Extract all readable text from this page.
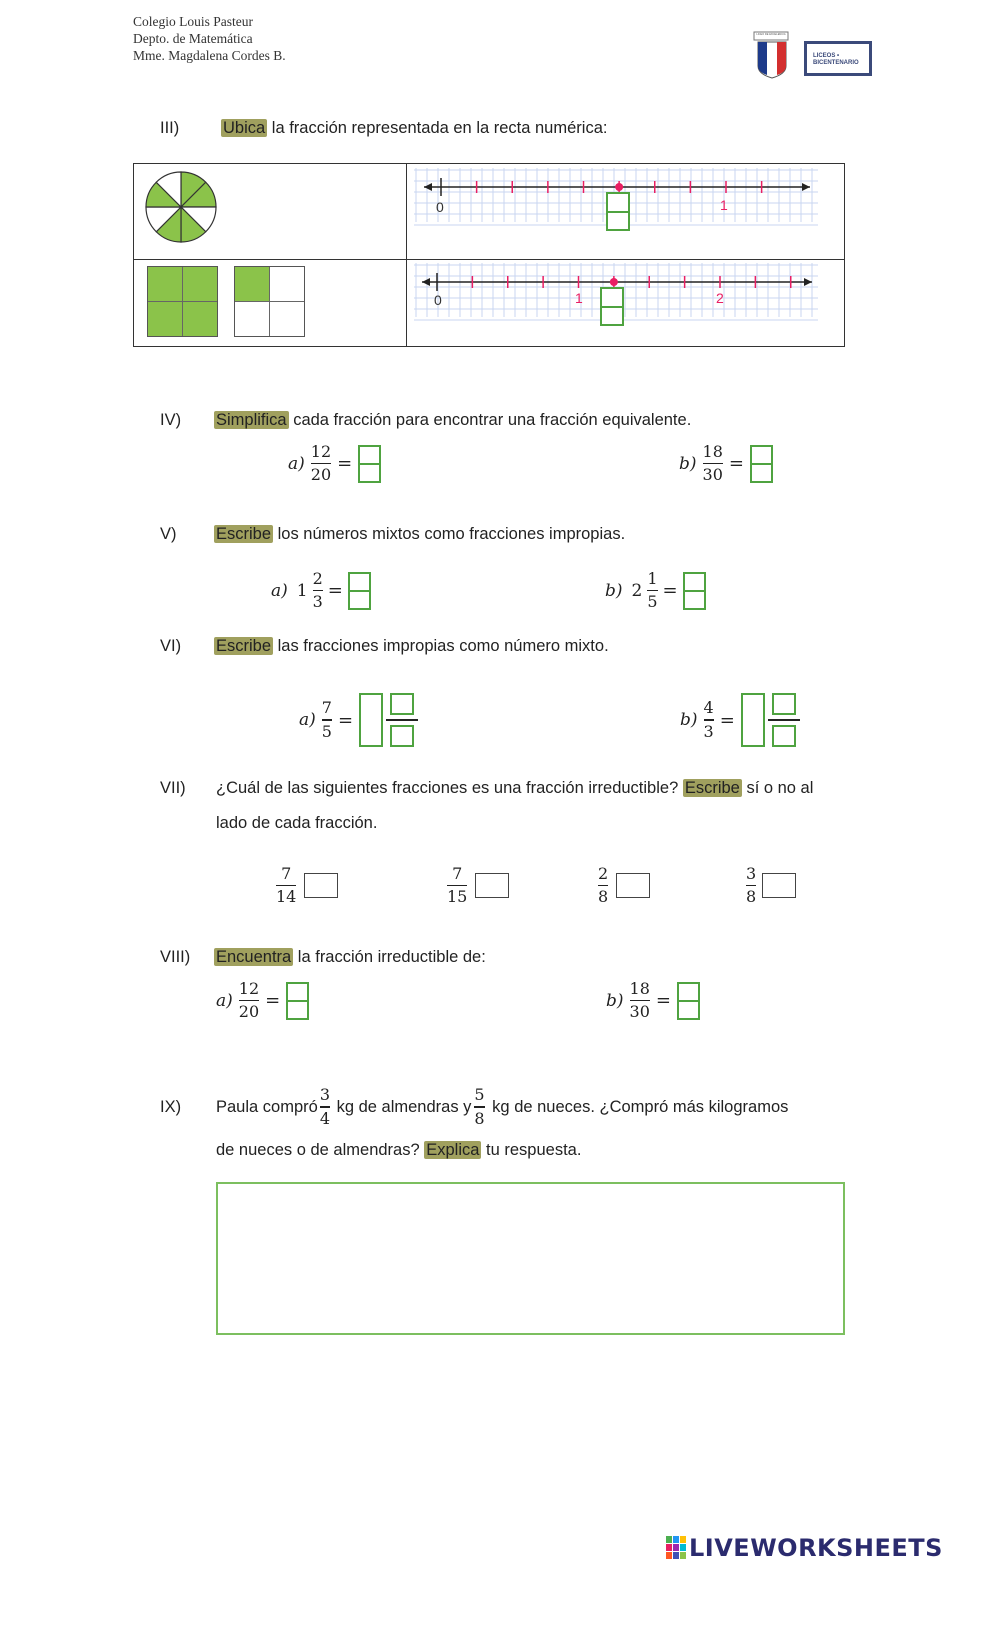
Colegio Louis Pasteur
Depto. de Matemática
Mme. Magdalena Cordes B.
LICEO DE EXCELENCIA
LICEOS • BICENTENARIO
III)	Ubica la fracción representada en la recta numérica:
0	1
0	1	2
IV) Simplifica cada fracción para encontrar una fracción equivalente.
$a) \frac{12}{20}$ =	$b) \frac{18}{30}$ =
V) Escribe los números mixtos como fracciones impropias.
a) $1 \frac{2}{3}$ =	b) $2 \frac{1}{5}$ =
VI) Escribe las fracciones impropias como número mixto.
$a) \frac{7}{5}$ =	$b) \frac{4}{3}$ =
VII) ¿Cuál de las siguientes fracciones es una fracción irreductible? Escribe sí o no al
lado de cada fracción.
$\frac{7}{14}$	$\frac{7}{15}$	$\frac{2}{8}$	$\frac{3}{8}$
VIII) Encuentra la fracción irreductible de:
$a) \frac{12}{20}$ =	$b) \frac{18}{30}$ =
IX) Paula compró $\frac{3}{4}$ kg de almendras y $\frac{5}{8}$ kg de nueces. ¿Compró más kilogramos
de nueces o de almendras? Explica tu respuesta.
LIVEWORKSHEETS
